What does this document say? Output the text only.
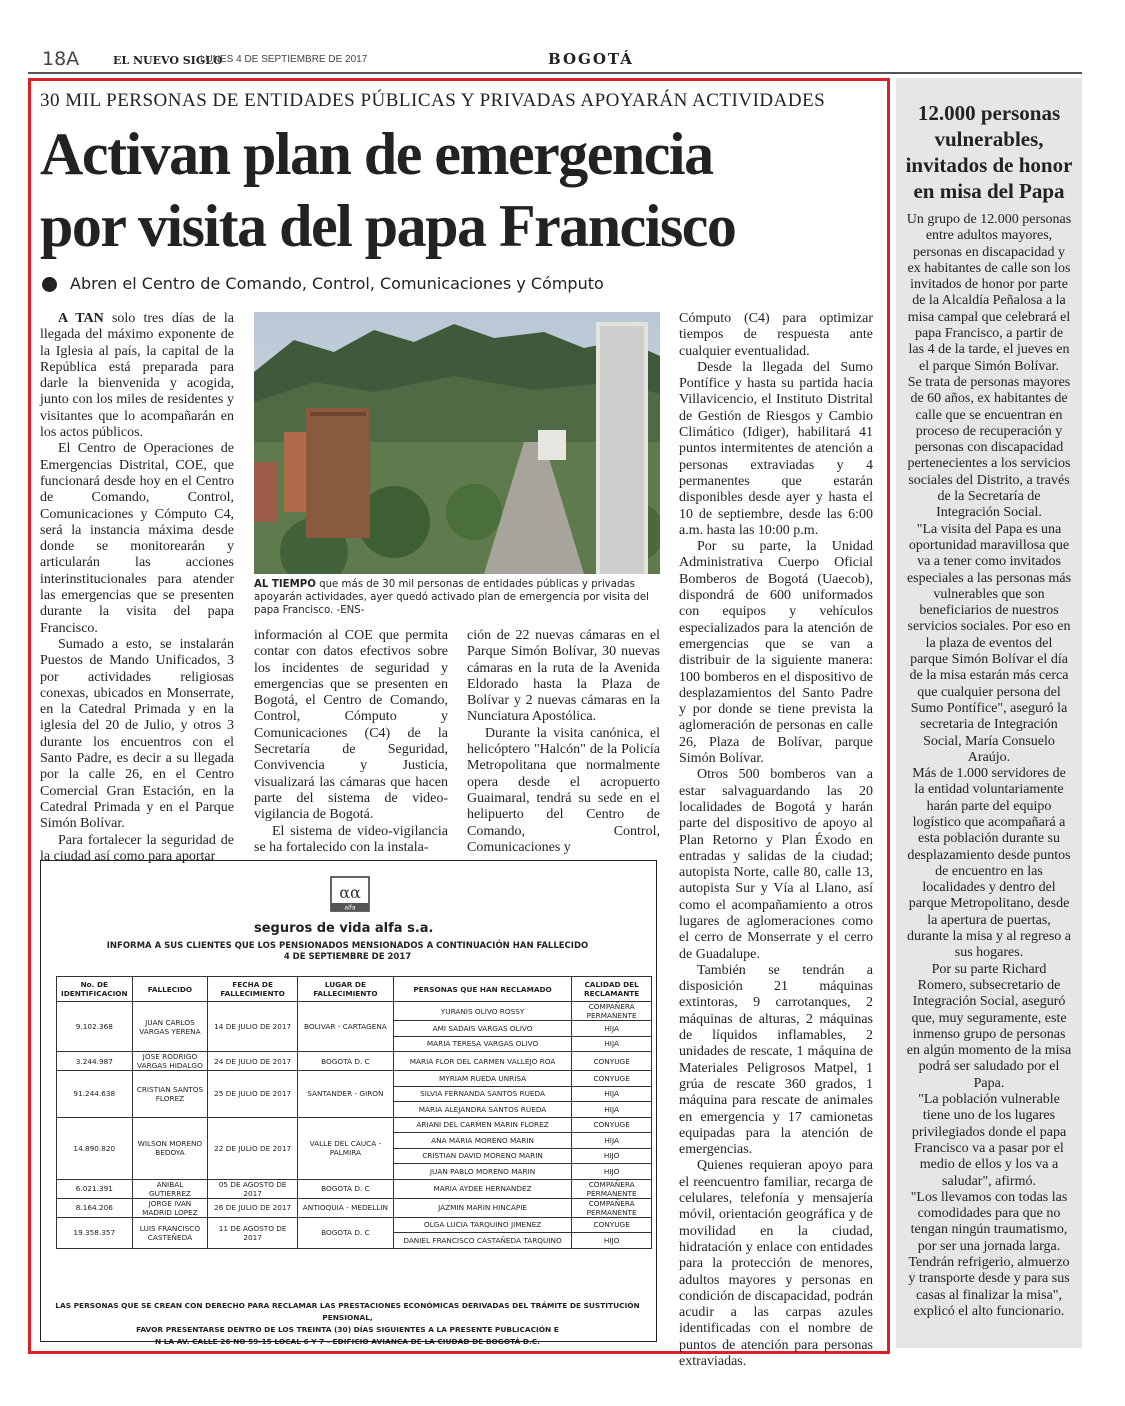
18A	EL NUEVO SIGLO
LUNES 4 DE SEPTIEMBRE DE 2017	BOGOTÁ
30 MIL PERSONAS DE ENTIDADES PÚBLICAS Y PRIVADAS APOYARÁN ACTIVIDADES
Activan plan de emergencia
por visita del papa Francisco
Abren el Centro de Comando, Control, Comunicaciones y Cómputo

A TAN solo tres días de la llegada del máximo exponente de la Iglesia al país, la capital de la República está preparada para darle la bienvenida y acogida, junto con los miles de residentes y visitantes que lo acompañarán en los actos públicos.

El Centro de Operaciones de Emergencias Distrital, COE, que funcionará desde hoy en el Centro de Comando, Control, Comunicaciones y Cómputo C4, será la instancia máxima desde donde se monitorearán y articularán las acciones interinstitucionales para atender las emergencias que se presenten durante la visita del papa Francisco.

Sumado a esto, se instalarán Puestos de Mando Unificados, 3 por actividades religiosas conexas, ubicados en Monserrate, en la Catedral Primada y en la iglesia del 20 de Julio, y otros 3 durante los encuentros con el Santo Padre, es decir a su llegada por la calle 26, en el Centro Comercial Gran Estación, en la Catedral Primada y en el Parque Simón Bolívar.

Para fortalecer la seguridad de la ciudad así como para aportar

AL TIEMPO que más de 30 mil personas de entidades públicas y privadas apoyarán actividades, ayer quedó activado plan de emergencia por visita del papa Francisco. -ENS-

información al COE que permita contar con datos efectivos sobre los incidentes de seguridad y emergencias que se presenten en Bogotá, el Centro de Comando, Control, Cómputo y Comunicaciones (C4) de la Secretaría de Seguridad, Convivencia y Justicia, visualizará las cámaras que hacen parte del sistema de video-vigilancia de Bogotá.

El sistema de video-vigilancia se ha fortalecido con la instala-

ción de 22 nuevas cámaras en el Parque Simón Bolívar, 30 nuevas cámaras en la ruta de la Avenida Eldorado hasta la Plaza de Bolívar y 2 nuevas cámaras en la Nunciatura Apostólica.

Durante la visita canónica, el helicóptero "Halcón" de la Policía Metropolitana que normalmente opera desde el acropuerto Guaimaral, tendrá su sede en el helipuerto del Centro de Comando, Control, Comunicaciones y

Cómputo (C4) para optimizar tiempos de respuesta ante cualquier eventualidad.

Desde la llegada del Sumo Pontífice y hasta su partida hacia Villavicencio, el Instituto Distrital de Gestión de Riesgos y Cambio Climático (Idiger), habilitará 41 puntos intermitentes de atención a personas extraviadas y 4 permanentes que estarán disponibles desde ayer y hasta el 10 de septiembre, desde las 6:00 a.m. hasta las 10:00 p.m.

Por su parte, la Unidad Administrativa Cuerpo Oficial Bomberos de Bogotá (Uaecob), dispondrá de 600 uniformados con equipos y vehículos especializados para la atención de emergencias que se van a distribuir de la siguiente manera: 100 bomberos en el dispositivo de desplazamientos del Santo Padre y por donde se tiene prevista la aglomeración de personas en calle 26, Plaza de Bolívar, parque Simón Bolívar.

Otros 500 bomberos van a estar salvaguardando las 20 localidades de Bogotá y harán parte del dispositivo de apoyo al Plan Retorno y Plan Éxodo en entradas y salidas de la ciudad; autopista Norte, calle 80, calle 13, autopista Sur y Vía al Llano, así como el acompañamiento a otros lugares de aglomeraciones como el cerro de Monserrate y el cerro de Guadalupe.

También se tendrán a disposición 21 máquinas extintoras, 9 carrotanques, 2 máquinas de alturas, 2 máquinas de líquidos inflamables, 2 unidades de rescate, 1 máquina de Materiales Peligrosos Matpel, 1 grúa de rescate 360 grados, 1 máquina para rescate de animales en emergencia y 17 camionetas equipadas para la atención de emergencias.

Quienes requieran apoyo para el reencuentro familiar, recarga de celulares, telefonía y mensajería móvil, orientación geográfica y de movilidad en la ciudad, hidratación y enlace con entidades para la protección de menores, adultos mayores y personas en condición de discapacidad, podrán acudir a las carpas azules identificadas con el nombre de puntos de atención para personas extraviadas.

αα
alfa
seguros de vida alfa s.a.
INFORMA A SUS CLIENTES QUE LOS PENSIONADOS MENSIONADOS A CONTINUACIÓN HAN FALLECIDO
4 DE SEPTIEMBRE DE 2017
No. DE IDENTIFICACION	FALLECIDO	FECHA DE FALLECIMIENTO	LUGAR DE FALLECIMIENTO	PERSONAS QUE HAN RECLAMADO	CALIDAD DEL RECLAMANTE
9.102.368	JUAN CARLOS VARGAS YERENA	14 DE JULIO DE 2017	BOLIVAR - CARTAGENA	YURANIS OLIVO ROSSY	COMPAÑERA PERMANENTE
				AMI SADAIS VARGAS OLIVO	HIJA
				MARIA TERESA VARGAS OLIVO	HIJA
3.244.987	JOSE RODRIGO VARGAS HIDALGO	24 DE JULIO DE 2017	BOGOTA D. C	MARIA FLOR DEL CARMEN VALLEJO ROA	CONYUGE
91.244.638	CRISTIAN SANTOS FLOREZ	25 DE JULIO DE 2017	SANTANDER - GIRON	MYRIAM RUEDA UNRISA	CONYUGE
				SILVIA FERNANDA SANTOS RUEDA	HIJA
				MARIA ALEJANDRA SANTOS RUEDA	HIJA
14.890.820	WILSON MORENO BEDOYA	22 DE JULIO DE 2017	VALLE DEL CAUCA - PALMIRA	ARIANI DEL CARMEN MARIN FLOREZ	CONYUGE
				ANA MARIA MORENO MARIN	HIJA
				CRISTIAN DAVID MORENO MARIN	HIJO
				JUAN PABLO MORENO MARIN	HIJO
6.021.391	ANIBAL GUTIERREZ	05 DE AGOSTO DE 2017	BOGOTA D. C	MARIA AYDEE HERNANDEZ	COMPAÑERA PERMANENTE
8.164.206	JORGE IVAN MADRID LOPEZ	26 DE JULIO DE 2017	ANTIOQUIA - MEDELLIN	JAZMIN MARIN HINCAPIE	COMPAÑERA PERMANENTE
19.358.357	LUIS FRANCISCO CASTEÑEDA	11 DE AGOSTO DE 2017	BOGOTA D. C	OLGA LUCIA TARQUINO JIMENEZ	CONYUGE
				DANIEL FRANCISCO CASTAÑEDA TARQUINO	HIJO
LAS PERSONAS QUE SE CREAN CON DERECHO PARA RECLAMAR LAS PRESTACIONES ECONÓMICAS DERIVADAS DEL TRÁMITE DE SUSTITUCIÓN PENSIONAL,
FAVOR PRESENTARSE DENTRO DE LOS TREINTA (30) DÍAS SIGUIENTES A LA PRESENTE PUBLICACIÓN E
N LA AV. CALLE 26 NO 59-15 LOCAL 6 Y 7 - EDIFICIO AVIANCA DE LA CIUDAD DE BOGOTÁ D.C.
12.000 personas vulnerables, invitados de honor en misa del Papa

Un grupo de 12.000 personas entre adultos mayores, personas en discapacidad y ex habitantes de calle son los invitados de honor por parte de la Alcaldía Peñalosa a la misa campal que celebrará el papa Francisco, a partir de las 4 de la tarde, el jueves en el parque Simón Bolívar.

Se trata de personas mayores de 60 años, ex habitantes de calle que se encuentran en proceso de recuperación y personas con discapacidad pertenecientes a los servicios sociales del Distrito, a través de la Secretaría de Integración Social.

"La visita del Papa es una oportunidad maravillosa que va a tener como invitados especiales a las personas más vulnerables que son beneficiarios de nuestros servicios sociales. Por eso en la plaza de eventos del parque Simón Bolívar el día de la misa estarán más cerca que cualquier persona del Sumo Pontífice", aseguró la secretaria de Integración Social, María Consuelo Araújo.

Más de 1.000 servidores de la entidad voluntariamente harán parte del equipo logístico que acompañará a esta población durante su desplazamiento desde puntos de encuentro en las localidades y dentro del parque Metropolitano, desde la apertura de puertas, durante la misa y al regreso a sus hogares.

Por su parte Richard Romero, subsecretario de Integración Social, aseguró que, muy seguramente, este inmenso grupo de personas en algún momento de la misa podrá ser saludado por el Papa.

"La población vulnerable tiene uno de los lugares privilegiados donde el papa Francisco va a pasar por el medio de ellos y los va a saludar", afirmó.

"Los llevamos con todas las comodidades para que no tengan ningún traumatismo, por ser una jornada larga. Tendrán refrigerio, almuerzo y transporte desde y para sus casas al finalizar la misa", explicó el alto funcionario.
